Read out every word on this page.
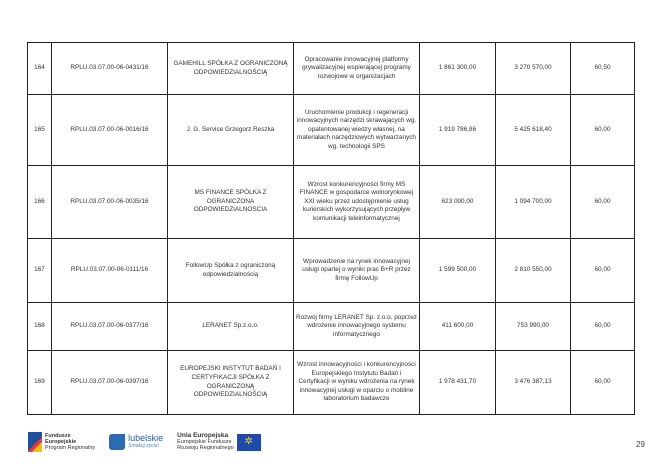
164	RPLU.03.07.00-06-0431/16	GAMEHILL SPÓŁKA Z OGRANICZONĄ ODPOWIEDZIALNOŚCIĄ	Opracowanie innowacyjnej platformy grywalizacyjnej wspierającej programy rozwojowe w organizacjach	1 861 300,00	3 270 570,00	60,50
165	RPLU.03.07.00-06-0016/16	J. G. Service Grzegorz Reszka	Uruchomienie produkcji i regeneracji innowacyjnych narzędzi skrawających wg. opatentowanej wiedzy własnej, na materiałach narzędziowych wytwarzanych wg. technologii SPS	1 919 786,86	5 425 618,40	60,00
166	RPLU.03.07.00-06-0035/16	MS FINANCE SPÓLKA Z OGRANICZONA ODPOWIEDZIALNOSCIA	Wzrost konkurencyjności firmy MS FINANCE w gospodarce wolnorynkowej XXI wieku przez udostępnienie usług kurierskich wykorzysujących przepływ komunikacji teleinformatycznej	623 000,00	1 094 700,00	60,00
167	RPLU.03.07.00-06-0111/16	FollowUp Spółka z ograniczoną odpowiedzialnością	Wprowadzenie na rynek innowacyjnej usługi opartej o wyniki prac B+R przez firmę FollowUp	1 599 500,00	2 810 550,00	60,00
168	RPLU.03.07.00-06-0377/16	LERANET Sp.z.o.o.	Rozwój firmy LERANET Sp. z.o.o. poprzez wdrożenie innowacyjnego systemu informatycznego	411 600,00	753 990,00	60,00
169	RPLU.03.07.00-06-0397/16	EUROPEJSKI INSTYTUT BADAŃ I CERTYFIKACJI SPÓŁKA Z OGRANICZONĄ ODPOWIEDZIALNOŚCIĄ	Wzrost innowacyjności i konkurencyjności Europejskiego Instytutu Badań i Certyfikacji w wyniku wdrożenia na rynek innowacyjnej usługi w oparciu o mobilne laboratorium badawcze	1 978 431,70	3 476 387,13	60,00
Fundusze
Europejskie
Program Regionalny
lubelskie
Smakuj życie!
Unia Europejska
Europejskie Fundusze
Rozwoju Regionalnego
✲	29
